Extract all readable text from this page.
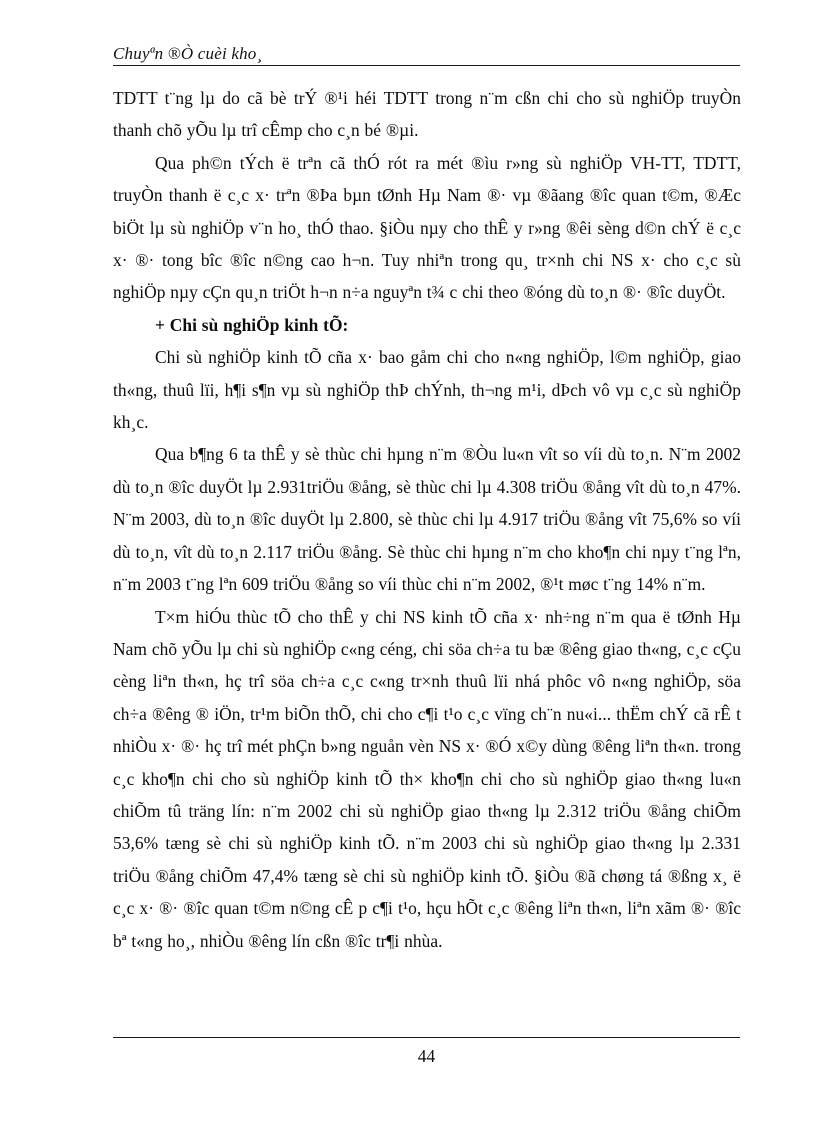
Chuyªn ®Ò cuèi kho¸

TDTT t¨ng lµ do cã bè trÝ ®¹i héi TDTT trong n¨m cßn chi cho sù nghiÖp truyÒn thanh chõ yÕu lµ trî cÊmp cho c¸n bé ®µi.

Qua ph©n tÝch ë trªn cã thÓ rót ra mét ®ìu r»ng sù nghiÖp VH-TT, TDTT, truyÒn thanh ë c¸c x· trªn ®Þa bµn tØnh Hµ Nam ®· vµ ®ãang ®îc quan t©m, ®Æc biÖt lµ sù nghiÖp v¨n ho¸ thÓ thao. §iÒu nµy cho thÊ y r»ng ®êi sèng d©n chÝ ë c¸c x· ®· tong bîc ®îc n©ng cao h¬n. Tuy nhiªn trong qu¸ tr×nh chi NS x· cho c¸c sù nghiÖp nµy cÇn qu¸n triÖt h¬n n÷a nguyªn t¾ c chi theo ®óng dù to¸n ®· ®îc duyÖt.

+ Chi sù nghiÖp kinh tÕ:

Chi sù nghiÖp kinh tÕ cña x· bao gåm chi cho n«ng nghiÖp, l©m nghiÖp, giao th«ng, thuû lïi, h¶i s¶n vµ sù nghiÖp thÞ chÝnh, th¬ng m¹i, dÞch vô vµ c¸c sù nghiÖp kh¸c.

Qua b¶ng 6 ta thÊ y sè thùc chi hµng n¨m ®Òu lu«n vît so víi dù to¸n. N¨m 2002 dù to¸n ®îc duyÖt lµ 2.931triÖu ®ång, sè thùc chi lµ 4.308 triÖu ®ång vît dù to¸n 47%. N¨m 2003, dù to¸n ®îc duyÖt lµ 2.800, sè thùc chi lµ 4.917 triÖu ®ång vît 75,6% so víi dù to¸n, vît dù to¸n 2.117 triÖu ®ång. Sè thùc chi hµng n¨m cho kho¶n chi nµy t¨ng lªn, n¨m 2003 t¨ng lªn 609 triÖu ®ång so víi thùc chi n¨m 2002, ®¹t møc t¨ng 14% n¨m.

T×m hiÓu thùc tÕ cho thÊ y chi NS kinh tÕ cña x· nh÷ng n¨m qua ë tØnh Hµ Nam chõ yÕu lµ chi sù nghiÖp c«ng céng, chi söa ch÷a tu bæ ®êng giao th«ng, c¸c cÇu cèng liªn th«n, hç trî söa ch÷a c¸c c«ng tr×nh thuû lïi nhá phôc vô n«ng nghiÖp, söa ch÷a ®êng ® iÖn, tr¹m biÕn thÕ, chi cho c¶i t¹o c¸c vïng ch¨n nu«i... thËm chÝ cã rÊ t nhiÒu x· ®· hç trî mét phÇn b»ng nguån vèn NS x· ®Ó x©y dùng ®êng liªn th«n. trong c¸c kho¶n chi cho sù nghiÖp kinh tÕ th× kho¶n chi cho sù nghiÖp giao th«ng lu«n chiÕm tû träng lín: n¨m 2002 chi sù nghiÖp giao th«ng lµ 2.312 triÖu ®ång chiÕm 53,6% tæng sè chi sù nghiÖp kinh tÕ. n¨m 2003 chi sù nghiÖp giao th«ng lµ 2.331 triÖu ®ång chiÕm 47,4% tæng sè chi sù nghiÖp kinh tÕ. §iÒu ®ã chøng tá ®ßng x¸ ë c¸c x· ®· ®îc quan t©m n©ng cÊ p c¶i t¹o, hçu hÕt c¸c ®êng liªn th«n, liªn xãm ®· ®îc bª t«ng ho¸, nhiÒu ®êng lín cßn ®îc tr¶i nhùa.

44
